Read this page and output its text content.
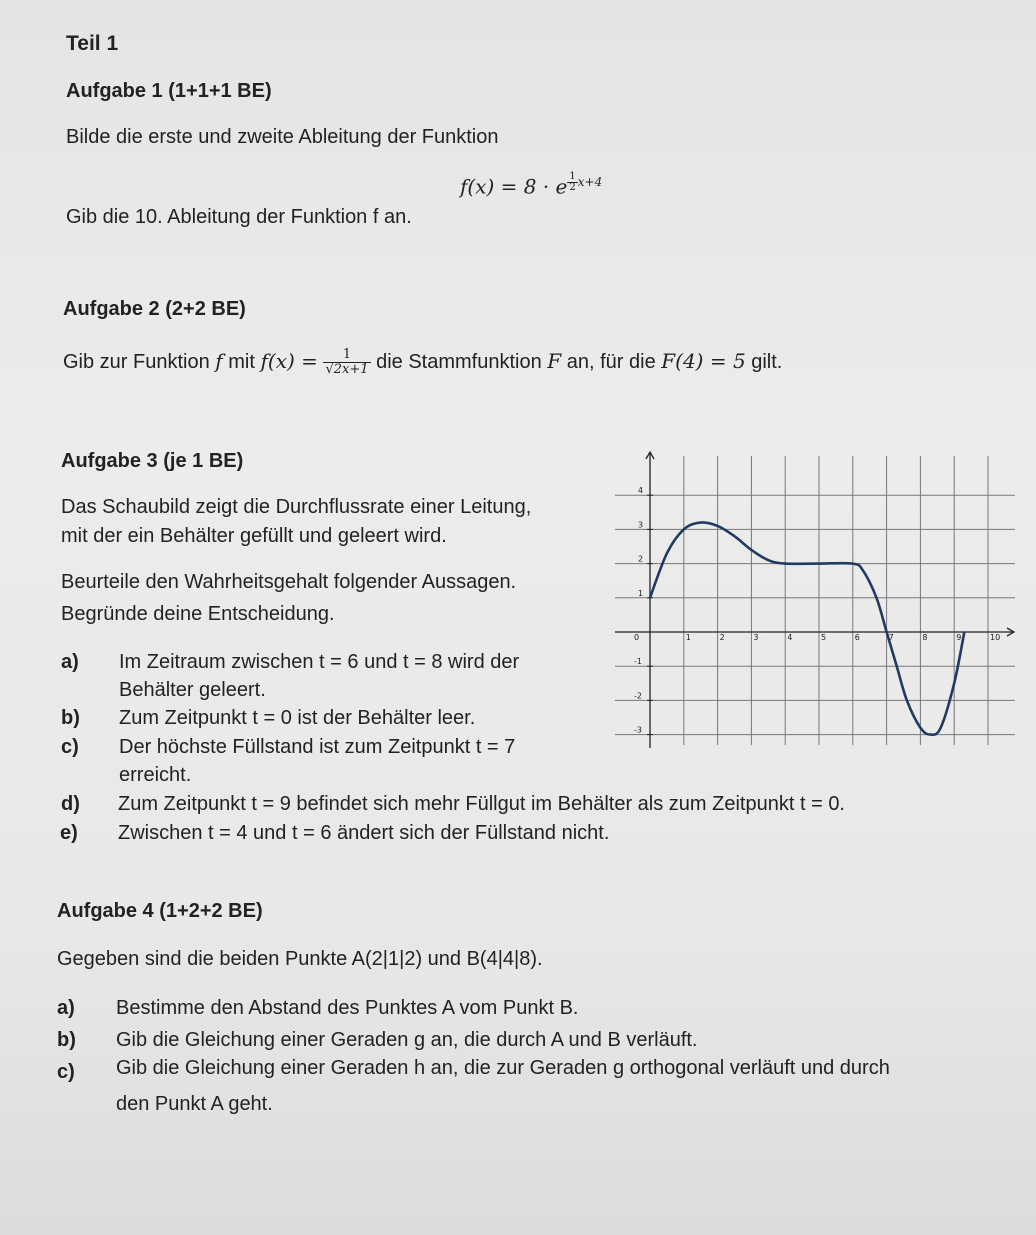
Teil 1
Aufgabe 1 (1+1+1 BE)
Bilde die erste und zweite Ableitung der Funktion
f(x) = 8 · e $^{\frac{1}{2} x+4}$
Gib die 10. Ableitung der Funktion f an.
Aufgabe 2 (2+2 BE)
Gib zur Funktion f mit $f(x) = \frac{1}{√2x+1}$ die Stammfunktion F an, für die F(4) = 5 gilt.
Aufgabe 3 (je 1 BE)
Das Schaubild zeigt die Durchflussrate einer Leitung,
mit der ein Behälter gefüllt und geleert wird.
Beurteile den Wahrheitsgehalt folgender Aussagen.
Begründe deine Entscheidung.
a) Im Zeitraum zwischen t = 6 und t = 8 wird der
Behälter geleert.
b) Zum Zeitpunkt t = 0 ist der Behälter leer.
c) Der höchste Füllstand ist zum Zeitpunkt t = 7
erreicht.
d) Zum Zeitpunkt t = 9 befindet sich mehr Füllgut im Behälter als zum Zeitpunkt t = 0.
e) Zwischen t = 4 und t = 6 ändert sich der Füllstand nicht.
0	1	2	3	4	5	6	7	8	9	10
4
3
2
1
-1
-2
-3
Aufgabe 4 (1+2+2 BE)
Gegeben sind die beiden Punkte A(2|1|2) und B(4|4|8).
a) Bestimme den Abstand des Punktes A vom Punkt B.
b) Gib die Gleichung einer Geraden g an, die durch A und B verläuft.
c) Gib die Gleichung einer Geraden h an, die zur Geraden g orthogonal verläuft und durch
den Punkt A geht.
